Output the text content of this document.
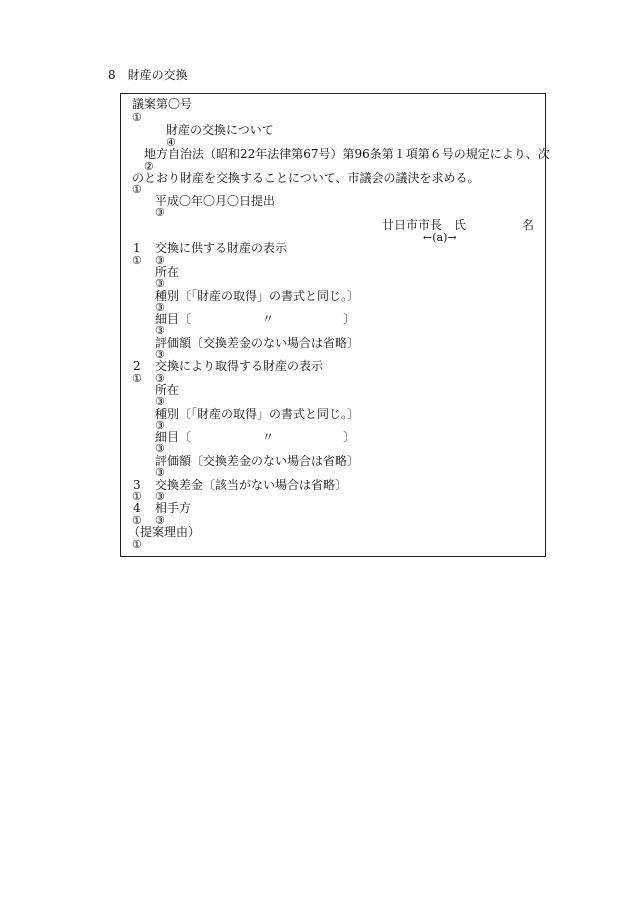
8　財産の交換
議案第〇号
①
財産の交換について
④
地方自治法（昭和22年法律第67号）第96条第１項第６号の規定により、次
②
のとおり財産を交換することについて、市議会の議決を求める。
①
平成〇年〇月〇日提出
③
廿日市市長　氏	名
←(a)→
1 交換に供する財産の表示
① ③
所在
③
種別〔「財産の取得」の書式と同じ。〕
③
細目〔	〃	〕
③
評価額〔交換差金のない場合は省略〕
③
2 交換により取得する財産の表示
① ③
所在
③
種別〔「財産の取得」の書式と同じ。〕
③
細目〔	〃	〕
③
評価額〔交換差金のない場合は省略〕
③
3 交換差金〔該当がない場合は省略〕
① ③
4 相手方
① ③
（提案理由）
①
